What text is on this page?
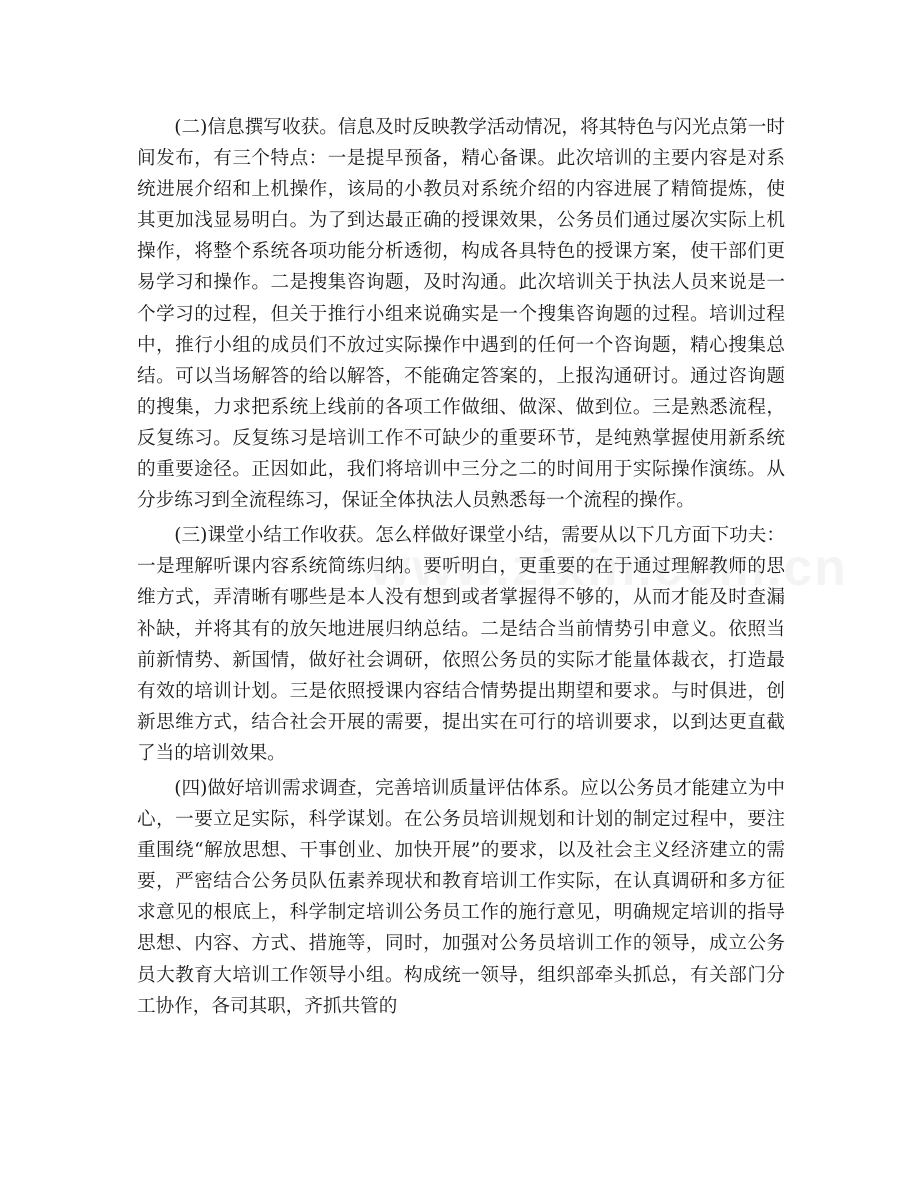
(二)信息撰写收获。信息及时反映教学活动情况，将其特色与闪光点第一时间发布，有三个特点：一是提早预备，精心备课。此次培训的主要内容是对系统进展介绍和上机操作，该局的小教员对系统介绍的内容进展了精简提炼，使其更加浅显易明白。为了到达最正确的授课效果，公务员们通过屡次实际上机操作，将整个系统各项功能分析透彻，构成各具特色的授课方案，使干部们更易学习和操作。二是搜集咨询题，及时沟通。此次培训关于执法人员来说是一个学习的过程，但关于推行小组来说确实是一个搜集咨询题的过程。培训过程中，推行小组的成员们不放过实际操作中遇到的任何一个咨询题，精心搜集总结。可以当场解答的给以解答，不能确定答案的，上报沟通研讨。通过咨询题的搜集，力求把系统上线前的各项工作做细、做深、做到位。三是熟悉流程，反复练习。反复练习是培训工作不可缺少的重要环节，是纯熟掌握使用新系统的重要途径。正因如此，我们将培训中三分之二的时间用于实际操作演练。从分步练习到全流程练习，保证全体执法人员熟悉每一个流程的操作。

(三)课堂小结工作收获。怎么样做好课堂小结，需要从以下几方面下功夫：一是理解听课内容系统简练归纳。要听明白，更重要的在于通过理解教师的思维方式，弄清晰有哪些是本人没有想到或者掌握得不够的，从而才能及时查漏补缺，并将其有的放矢地进展归纳总结。二是结合当前情势引申意义。依照当前新情势、新国情，做好社会调研，依照公务员的实际才能量体裁衣，打造最有效的培训计划。三是依照授课内容结合情势提出期望和要求。与时俱进，创新思维方式，结合社会开展的需要，提出实在可行的培训要求，以到达更直截了当的培训效果。

(四)做好培训需求调查，完善培训质量评估体系。应以公务员才能建立为中心，一要立足实际，科学谋划。在公务员培训规划和计划的制定过程中，要注重围绕“解放思想、干事创业、加快开展”的要求，以及社会主义经济建立的需要，严密结合公务员队伍素养现状和教育培训工作实际，在认真调研和多方征求意见的根底上，科学制定培训公务员工作的施行意见，明确规定培训的指导思想、内容、方式、措施等，同时，加强对公务员培训工作的领导，成立公务员大教育大培训工作领导小组。构成统一领导，组织部牵头抓总，有关部门分工协作，各司其职，齐抓共管的
